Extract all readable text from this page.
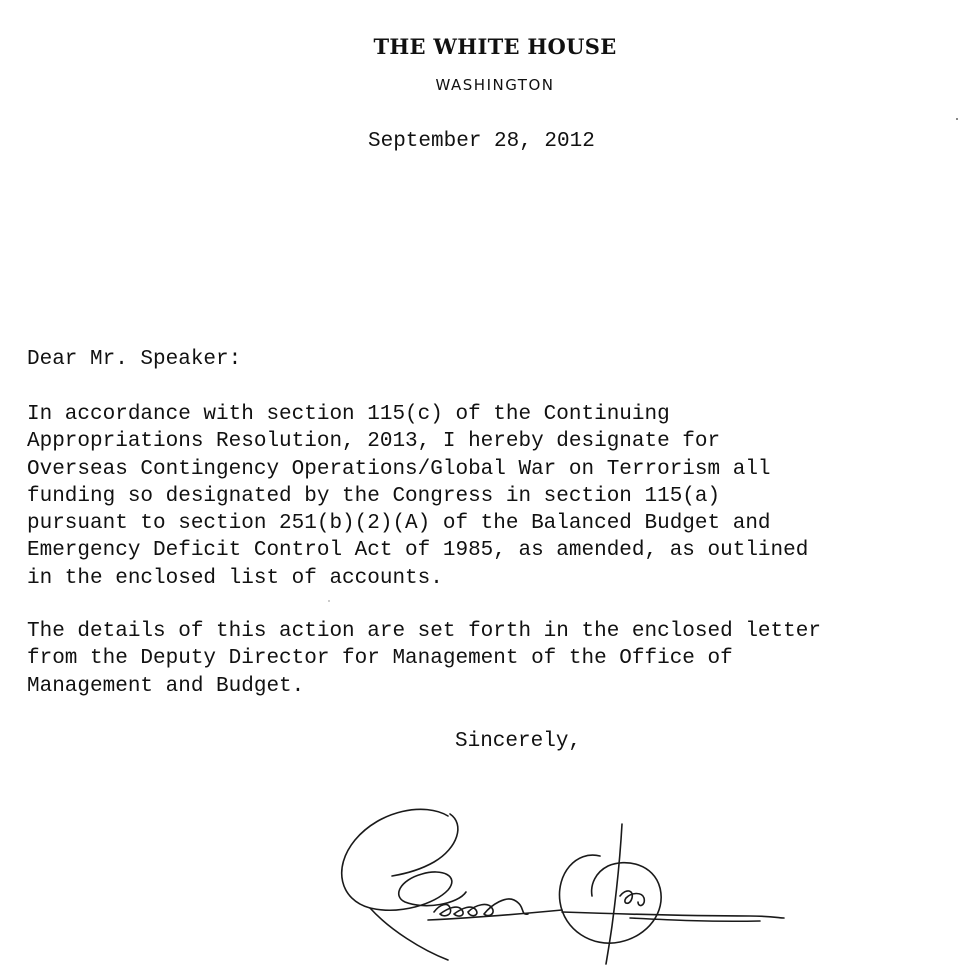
THE WHITE HOUSE
WASHINGTON
September 28, 2012
Dear Mr. Speaker:
In accordance with section 115(c) of the Continuing
Appropriations Resolution, 2013, I hereby designate for
Overseas Contingency Operations/Global War on Terrorism all
funding so designated by the Congress in section 115(a)
pursuant to section 251(b)(2)(A) of the Balanced Budget and
Emergency Deficit Control Act of 1985, as amended, as outlined
in the enclosed list of accounts.
The details of this action are set forth in the enclosed letter
from the Deputy Director for Management of the Office of
Management and Budget.
Sincerely,
